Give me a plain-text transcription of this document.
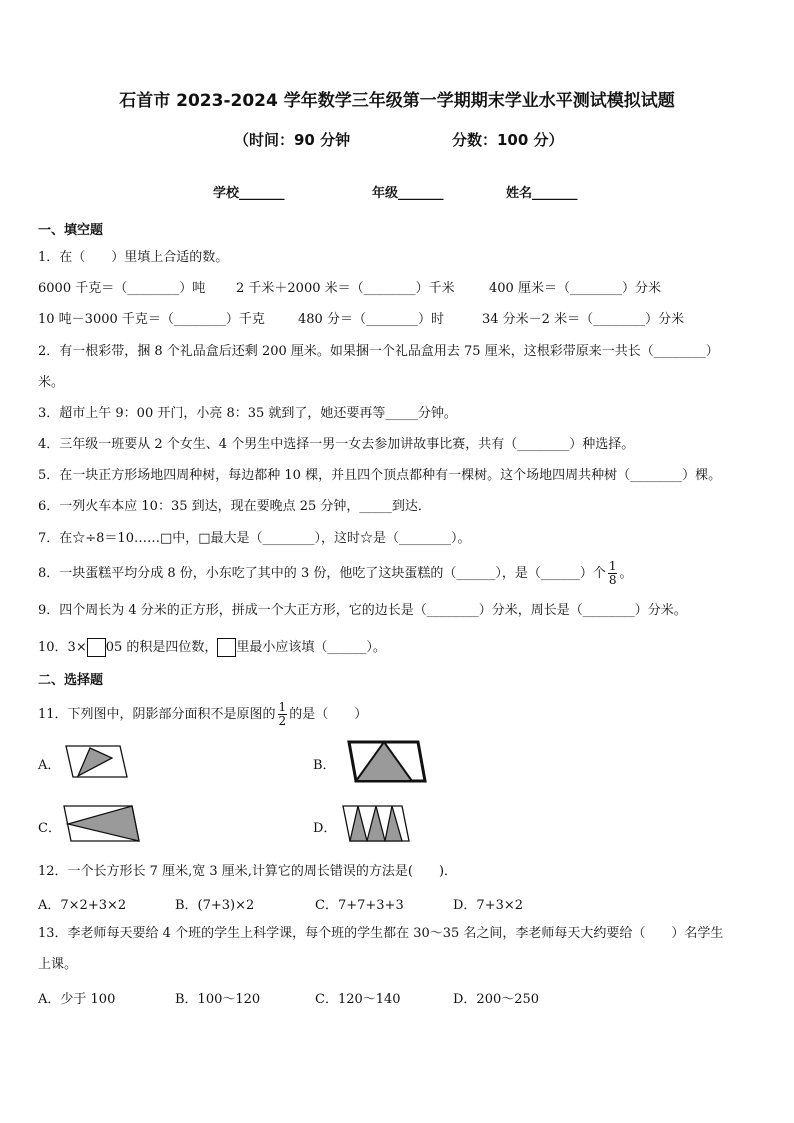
石首市 2023-2024 学年数学三年级第一学期期末学业水平测试模拟试题
（时间：90 分钟	分数：100 分）
学校_______	年级_______	姓名_______
一、填空题
1．在（　　）里填上合适的数。
6000 千克＝（________）吨 2 千米＋2000 米＝（________）千米	400 厘米＝（________）分米
10 吨－3000 千克＝（________）千克	480 分＝（________）时	34 分米－2 米＝（________）分米
2．有一根彩带，捆 8 个礼品盒后还剩 200 厘米。如果捆一个礼品盒用去 75 厘米，这根彩带原来一共长（________）
米。
3．超市上午 9：00 开门，小亮 8：35 就到了，她还要再等_____分钟。
4．三年级一班要从 2 个女生、4 个男生中选择一男一女去参加讲故事比赛，共有（________）种选择。
5．在一块正方形场地四周种树，每边都种 10 棵，并且四个顶点都种有一棵树。这个场地四周共种树（________）棵。
6．一列火车本应 10：35 到达，现在要晚点 25 分钟，_____到达．
7．在☆÷8＝10……□中，□最大是（________），这时☆是（________）。
8．一块蛋糕平均分成 8 份，小东吃了其中的 3 份，他吃了这块蛋糕的（______），是（______）个 $\frac{1}{8}$ 。
9．四个周长为 4 分米的正方形，拼成一个大正方形，它的边长是（________）分米，周长是（________）分米。
10．3× 05 的积是四位数， 里最小应该填（______）。
二、选择题
11．下列图中，阴影部分面积不是原图的 $\frac{1}{2}$ 的是（　　）
A．	B．
C．	D．
12．一个长方形长 7 厘米,宽 3 厘米,计算它的周长错误的方法是(　　)．
A．7×2+3×2	B．(7+3)×2	C．7+7+3+3	D．7+3×2
13．李老师每天要给 4 个班的学生上科学课，每个班的学生都在 30～35 名之间，李老师每天大约要给（　　）名学生
上课。
A．少于 100	B．100～120	C．120～140	D．200～250
